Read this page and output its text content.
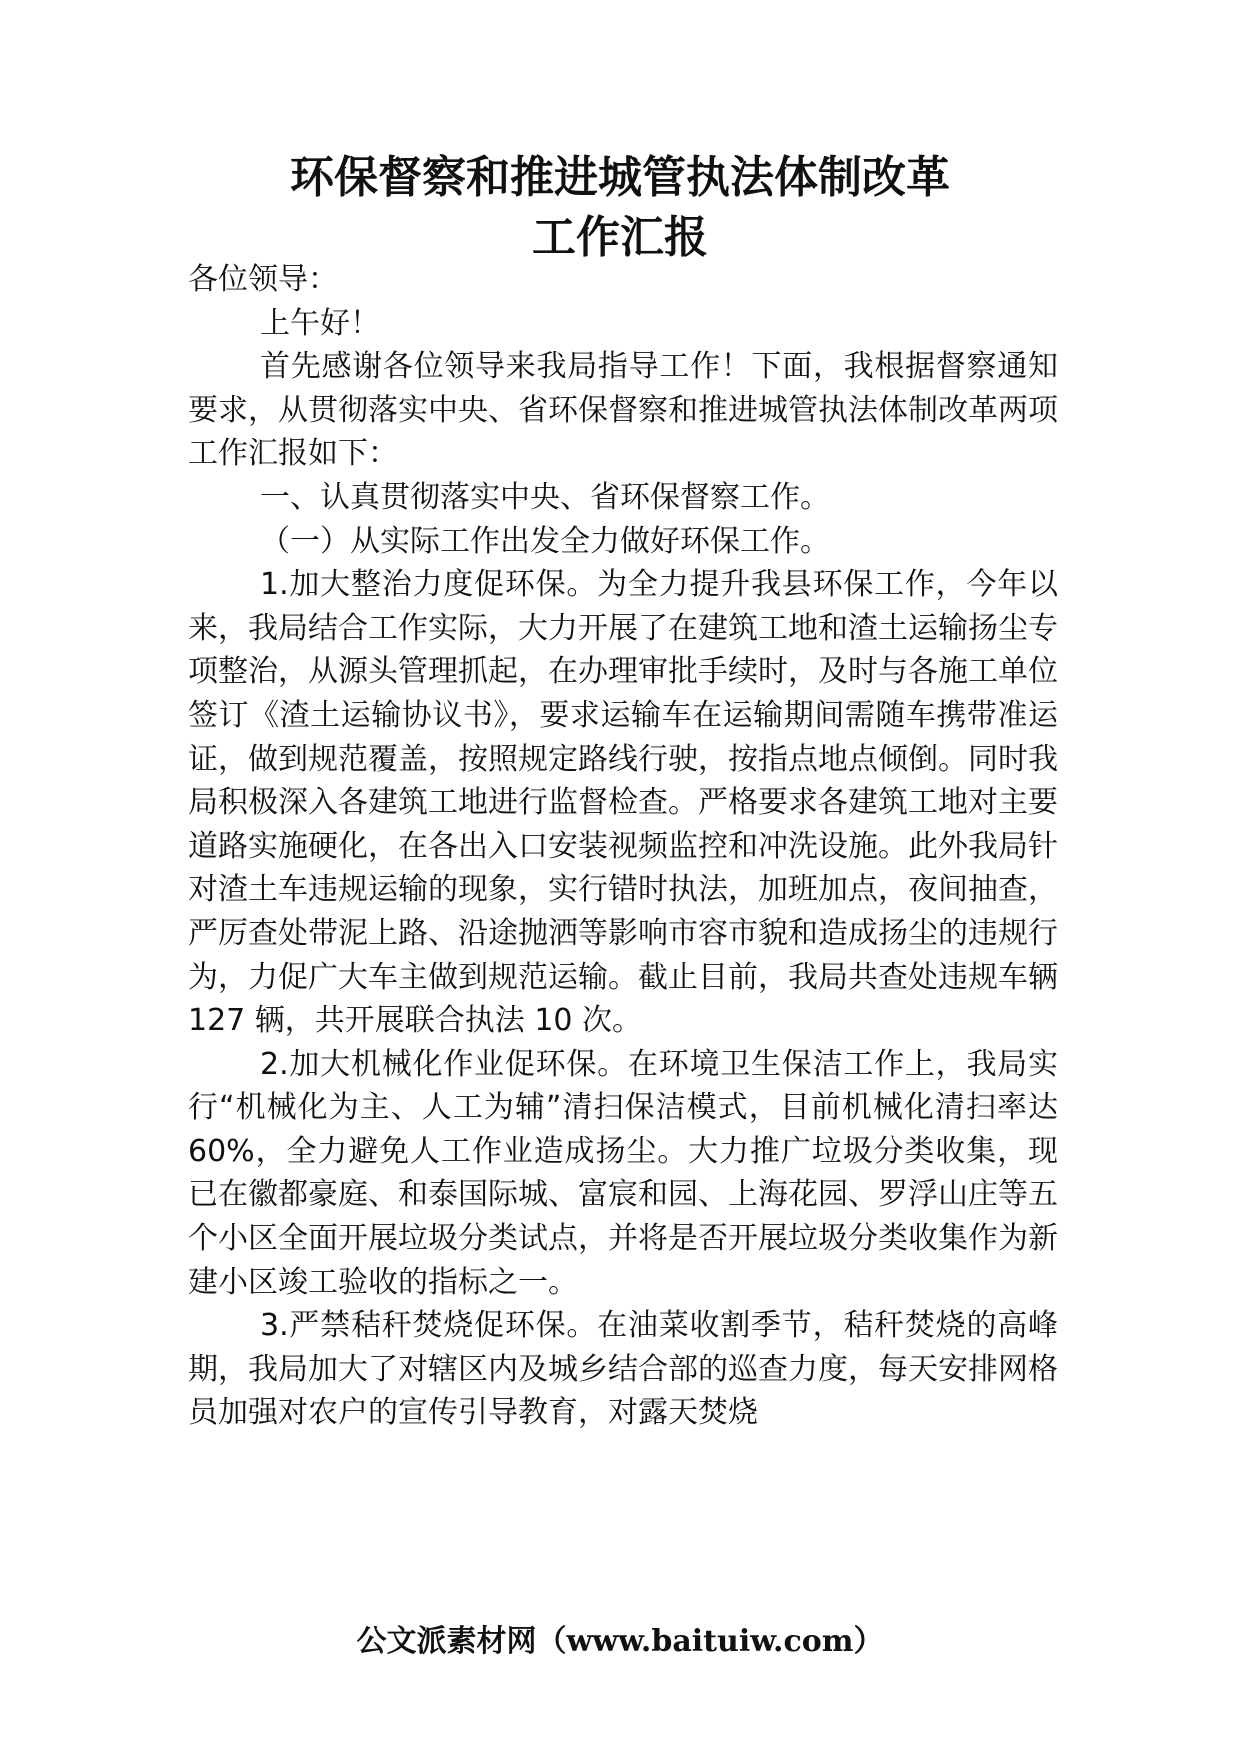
环保督察和推进城管执法体制改革
工作汇报

各位领导：

上午好！

首先感谢各位领导来我局指导工作！下面，我根据督察通知要求，从贯彻落实中央、省环保督察和推进城管执法体制改革两项工作汇报如下：

一、认真贯彻落实中央、省环保督察工作。

（一）从实际工作出发全力做好环保工作。

1.加大整治力度促环保。为全力提升我县环保工作，今年以来，我局结合工作实际，大力开展了在建筑工地和渣土运输扬尘专项整治，从源头管理抓起，在办理审批手续时，及时与各施工单位签订《渣土运输协议书》，要求运输车在运输期间需随车携带准运证，做到规范覆盖，按照规定路线行驶，按指点地点倾倒。同时我局积极深入各建筑工地进行监督检查。严格要求各建筑工地对主要道路实施硬化，在各出入口安装视频监控和冲洗设施。此外我局针对渣土车违规运输的现象，实行错时执法，加班加点，夜间抽查，严厉查处带泥上路、沿途抛洒等影响市容市貌和造成扬尘的违规行为，力促广大车主做到规范运输。截止目前，我局共查处违规车辆 127 辆，共开展联合执法 10 次。

2.加大机械化作业促环保。在环境卫生保洁工作上，我局实行“机械化为主、人工为辅”清扫保洁模式，目前机械化清扫率达 60%，全力避免人工作业造成扬尘。大力推广垃圾分类收集，现已在徽都豪庭、和泰国际城、富宸和园、上海花园、罗浮山庄等五个小区全面开展垃圾分类试点，并将是否开展垃圾分类收集作为新建小区竣工验收的指标之一。

3.严禁秸秆焚烧促环保。在油菜收割季节，秸秆焚烧的高峰期，我局加大了对辖区内及城乡结合部的巡查力度，每天安排网格员加强对农户的宣传引导教育，对露天焚烧

公文派素材网（www.baituiw.com）
